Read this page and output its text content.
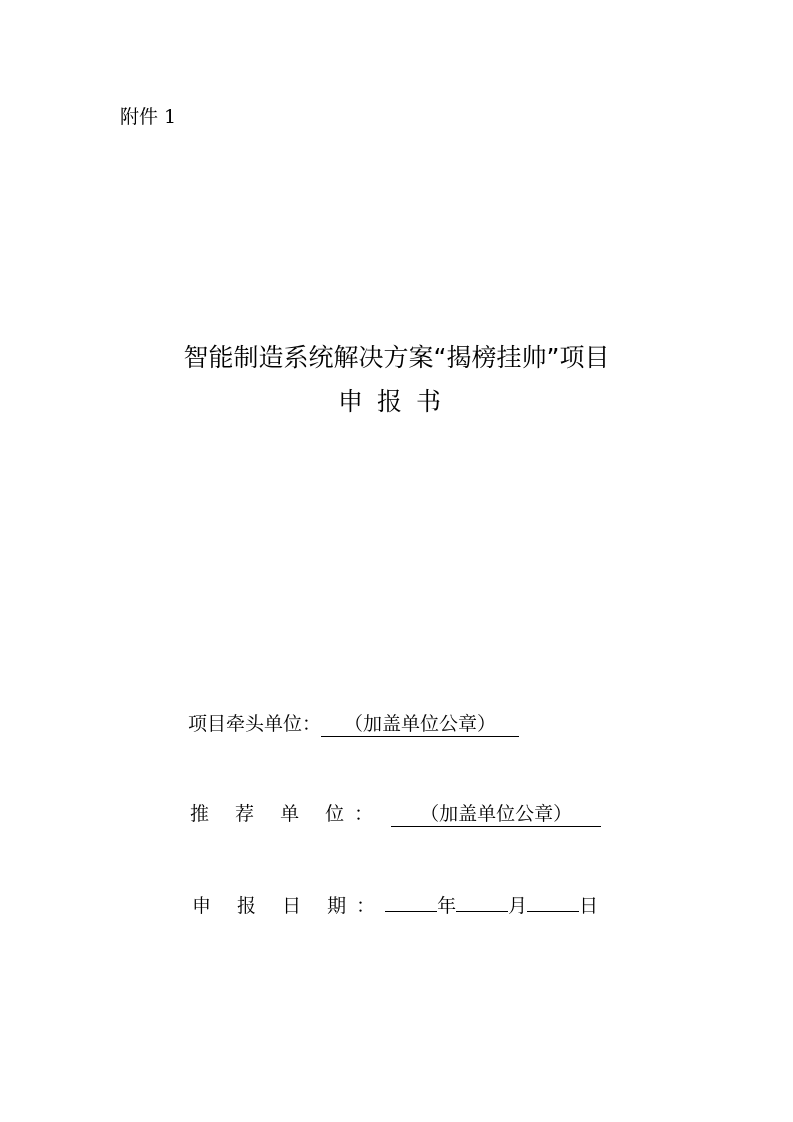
附件 1
智能制造系统解决方案“揭榜挂帅”项目
申报书
项目牵头单位：	（加盖单位公章）
推 荐 单 位：	（加盖单位公章）
申 报 日 期：	年	月	日
